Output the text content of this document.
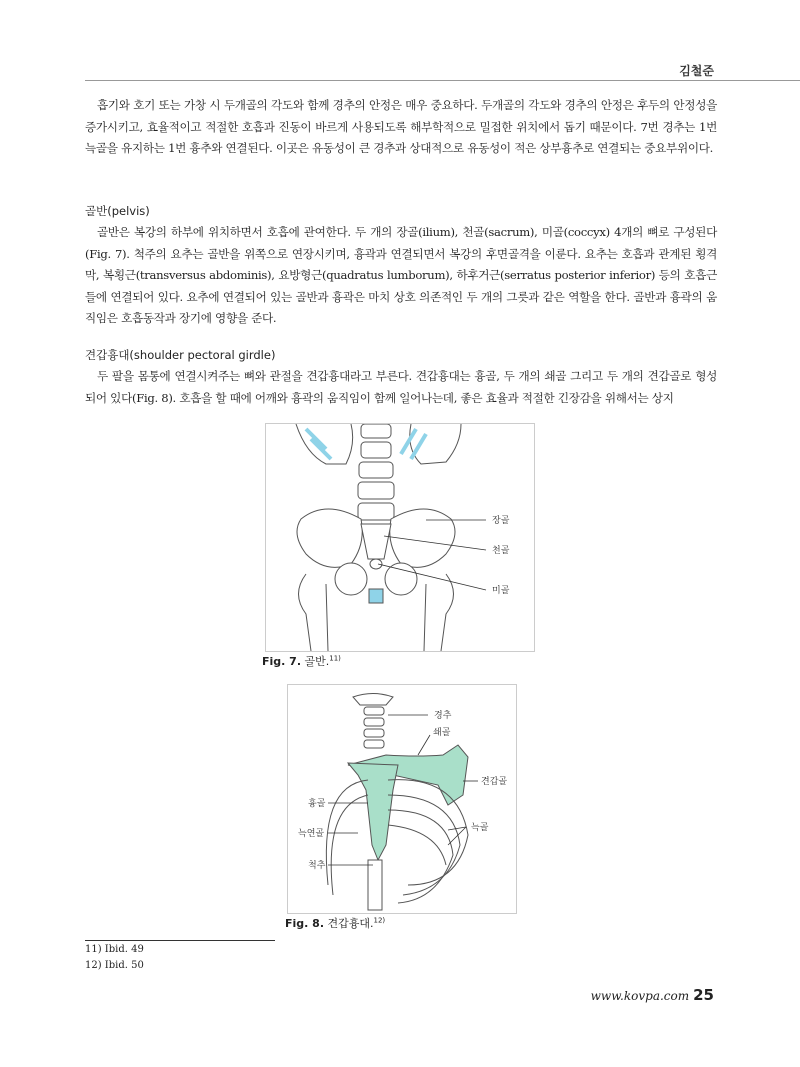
김철준

흡기와 호기 또는 가창 시 두개골의 각도와 함께 경추의 안정은 매우 중요하다. 두개골의 각도와 경추의 안정은 후두의 안정성을 증가시키고, 효율적이고 적절한 호흡과 진동이 바르게 사용되도록 해부학적으로 밀접한 위치에서 돕기 때문이다. 7번 경추는 1번 늑골을 유지하는 1번 흉추와 연결된다. 이곳은 유동성이 큰 경추과 상대적으로 유동성이 적은 상부흉추로 연결되는 중요부위이다.

골반(pelvis)

골반은 복강의 하부에 위치하면서 호흡에 관여한다. 두 개의 장골(ilium), 천골(sacrum), 미골(coccyx) 4개의 뼈로 구성된다(Fig. 7). 척주의 요추는 골반을 위쪽으로 연장시키며, 흉곽과 연결되면서 복강의 후면골격을 이룬다. 요추는 호흡과 관계된 횡격막, 복횡근(transversus abdominis), 요방형근(quadratus lumborum), 하후거근(serratus posterior inferior) 등의 호흡근들에 연결되어 있다. 요추에 연결되어 있는 골반과 흉곽은 마치 상호 의존적인 두 개의 그릇과 같은 역할을 한다. 골반과 흉곽의 움직임은 호흡동작과 장기에 영향을 준다.

견갑흉대(shoulder pectoral girdle)

두 팔을 몸통에 연결시켜주는 뼈와 관절을 견갑흉대라고 부른다. 견갑흉대는 흉골, 두 개의 쇄골 그리고 두 개의 견갑골로 형성되어 있다(Fig. 8). 호흡을 할 때에 어깨와 흉곽의 움직임이 함께 일어나는데, 좋은 효율과 적절한 긴장감을 위해서는 상지

장골
천골
미골
Fig. 7. 골반.$^{11)}$
경추
쇄골
견갑골
흉골
늑골
늑연골
척추
Fig. 8. 견갑흉대.$^{12)}$
11) Ibid. 49
12) Ibid. 50
www.kovpa.com 25
